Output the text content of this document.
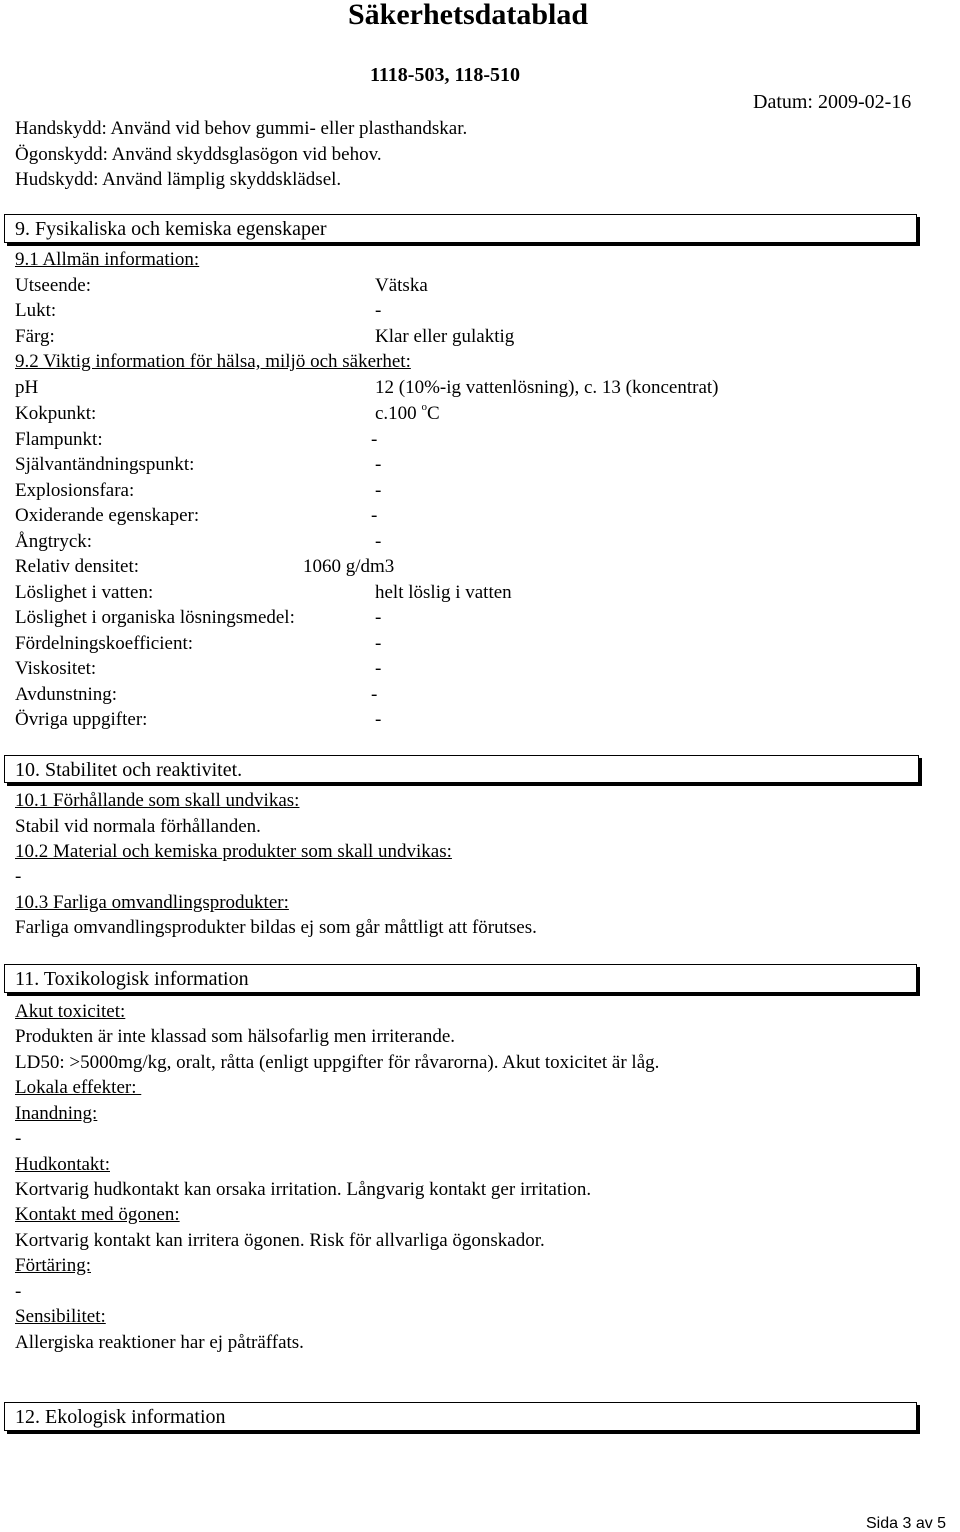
Säkerhetsdatablad
1118-503, 118-510
Datum: 2009-02-16
Handskydd: Använd vid behov gummi- eller plasthandskar.
Ögonskydd: Använd skyddsglasögon vid behov.
Hudskydd: Använd lämplig skyddsklädsel.
9. Fysikaliska och kemiska egenskaper
9.1 Allmän information:
Utseende:	Vätska
Lukt:	-
Färg:	Klar eller gulaktig
9.2 Viktig information för hälsa, miljö och säkerhet:
pH	12 (10%-ig vattenlösning), c. 13 (koncentrat)
Kokpunkt:	c.100 $^o$C
Flampunkt:	-
Självantändningspunkt:	-
Explosionsfara:	-
Oxiderande egenskaper:	-
Ångtryck:	-
Relativ densitet:	1060 g/dm3
Löslighet i vatten:	helt löslig i vatten
Löslighet i organiska lösningsmedel:	-
Fördelningskoefficient:	-
Viskositet:	-
Avdunstning:	-
Övriga uppgifter:	-
10. Stabilitet och reaktivitet.
10.1 Förhållande som skall undvikas:
Stabil vid normala förhållanden.
10.2 Material och kemiska produkter som skall undvikas:
-
10.3 Farliga omvandlingsprodukter:
Farliga omvandlingsprodukter bildas ej som går måttligt att förutses.
11. Toxikologisk information
Akut toxicitet:
Produkten är inte klassad som hälsofarlig men irriterande.
LD50: >5000mg/kg, oralt, råtta (enligt uppgifter för råvarorna). Akut toxicitet är låg.
Lokala effekter:
Inandning:
-
Hudkontakt:
Kortvarig hudkontakt kan orsaka irritation. Långvarig kontakt ger irritation.
Kontakt med ögonen:
Kortvarig kontakt kan irritera ögonen. Risk för allvarliga ögonskador.
Förtäring:
-
Sensibilitet:
Allergiska reaktioner har ej påträffats.
12. Ekologisk information
Sida 3 av 5
